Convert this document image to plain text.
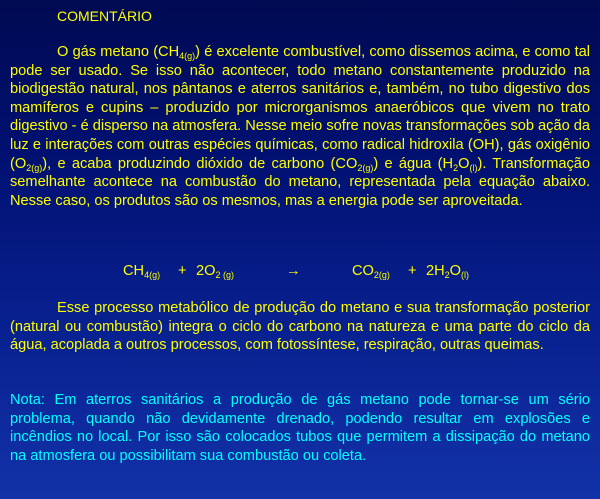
COMENTÁRIO

O gás metano $(CH_{4(g)})$ é excelente combustível, como dissemos acima, e como tal pode ser usado. Se isso não acontecer, todo metano constantemente produzido na biodigestão natural, nos pântanos e aterros sanitários e, também, no tubo digestivo dos mamíferos e cupins – produzido por microrganismos anaeróbicos que vivem no trato digestivo - é disperso na atmosfera. Nesse meio sofre novas transformações sob ação da luz e interações com outras espécies químicas, como radical hidroxila (OH), gás oxigênio $(O_{2(g)})$, e acaba produzindo dióxido de carbono $(CO_{2(g)})$ e água $(H_2O_{(l)})$. Transformação semelhante acontece na combustão do metano, representada pela equação abaixo. Nesse caso, os produtos são os mesmos, mas a energia pode ser aproveitada.

$CH_{4(g)} + 2O_{2 (g)}$	→	$CO_{2(g)} + 2H_2O_{(l)}$

Esse processo metabólico de produção do metano e sua transformação posterior (natural ou combustão) integra o ciclo do carbono na natureza e uma parte do ciclo da água, acoplada a outros processos, com fotossíntese, respiração, outras queimas.

Nota: Em aterros sanitários a produção de gás metano pode tornar-se um sério problema, quando não devidamente drenado, podendo resultar em explosões e incêndios no local. Por isso são colocados tubos que permitem a dissipação do metano na atmosfera ou possibilitam sua combustão ou coleta.
